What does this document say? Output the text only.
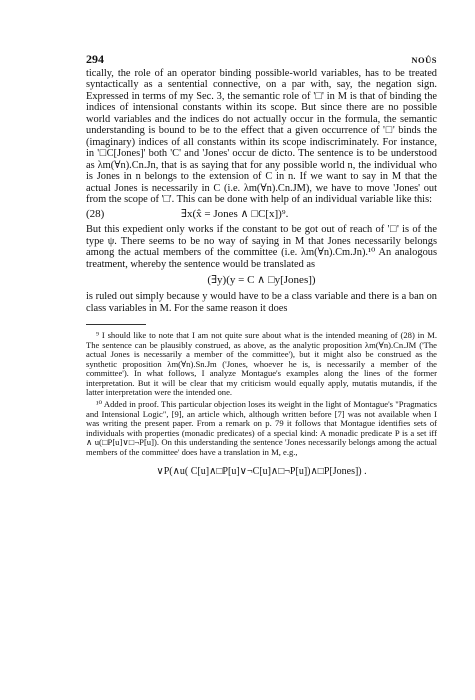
294	NOÛS

tically, the role of an operator binding possible-world variables, has to be treated syntactically as a sentential connective, on a par with, say, the negation sign. Expressed in terms of my Sec. 3, the semantic role of '□' in M is that of binding the indices of intensional constants within its scope. But since there are no possible world variables and the indices do not actually occur in the formula, the semantic understanding is bound to be to the effect that a given occurrence of '□' binds the (imaginary) indices of all constants within its scope indiscriminately. For instance, in '□C[Jones]' both 'C' and 'Jones' occur de dicto. The sentence is to be understood as λm(∀n).Cn.Jn, that is as saying that for any possible world n, the individual who is Jones in n belongs to the extension of C in n. If we want to say in M that the actual Jones is necessarily in C (i.e. λm(∀n).Cn.JM), we have to move 'Jones' out from the scope of '□'. This can be done with help of an individual variable like this:

(28)	∃x(x̂ = Jones ∧ □C[x])⁹.

But this expedient only works if the constant to be got out of reach of '□' is of the type ψ. There seems to be no way of saying in M that Jones necessarily belongs among the actual members of the committee (i.e. λm(∀n).Cm.Jn).¹⁰ An analogous treatment, whereby the sentence would be translated as

(∃y)(y = C ∧ □y[Jones])

is ruled out simply because y would have to be a class variable and there is a ban on class variables in M. For the same reason it does

⁹ I should like to note that I am not quite sure about what is the intended meaning of (28) in M. The sentence can be plausibly construed, as above, as the analytic proposition λm(∀n).Cn.JM ('The actual Jones is necessarily a member of the committee'), but it might also be construed as the synthetic proposition λm(∀n).Sn.Jm ('Jones, whoever he is, is necessarily a member of the committee'). In what follows, I analyze Montague's examples along the lines of the former interpretation. But it will be clear that my criticism would equally apply, mutatis mutandis, if the latter interpretation were the intended one.

¹⁰ Added in proof. This particular objection loses its weight in the light of Montague's "Pragmatics and Intensional Logic", [9], an article which, although written before [7] was not available when I was writing the present paper. From a remark on p. 79 it follows that Montague identifies sets of individuals with properties (monadic predicates) of a special kind: A monadic predicate P is a set iff ∧ u(□P[u]∨□¬P[u]). On this understanding the sentence 'Jones necessarily belongs among the actual members of the committee' does have a translation in M, e.g.,

∨P(∧u( C[u]∧□P[u]∨¬C[u]∧□¬P[u])∧□P[Jones]) .
